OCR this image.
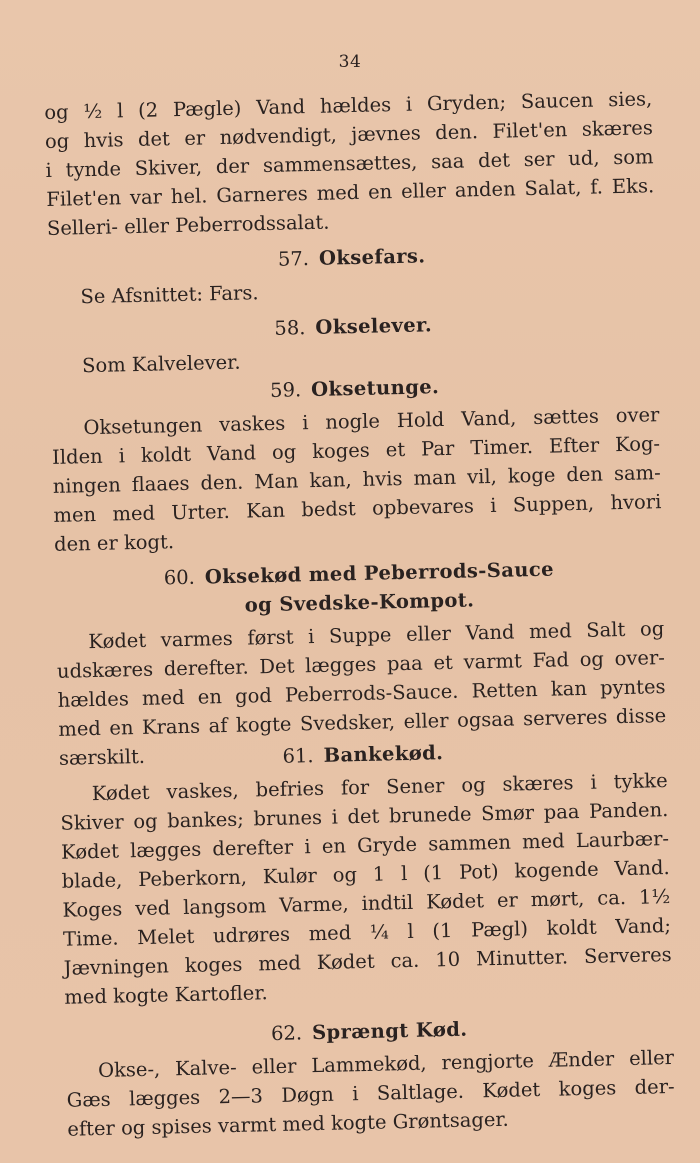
34
og ½ l (2 Pægle) Vand hældes i Gryden; Saucen sies,
og hvis det er nødvendigt, jævnes den. Filet'en skæres
i tynde Skiver, der sammensættes, saa det ser ud, som
Filet'en var hel. Garneres med en eller anden Salat, f. Eks.
Selleri- eller Peberrodssalat.
57. Oksefars.
Se Afsnittet: Fars.
58. Okselever.
Som Kalvelever.
59. Oksetunge.
Oksetungen vaskes i nogle Hold Vand, sættes over
Ilden i koldt Vand og koges et Par Timer. Efter Kog-
ningen flaaes den. Man kan, hvis man vil, koge den sam-
men med Urter. Kan bedst opbevares i Suppen, hvori
den er kogt.
60. Oksekød med Peberrods-Sauce
og Svedske-Kompot.
Kødet varmes først i Suppe eller Vand med Salt og
udskæres derefter. Det lægges paa et varmt Fad og over-
hældes med en god Peberrods-Sauce. Retten kan pyntes
med en Krans af kogte Svedsker, eller ogsaa serveres disse
særskilt.	61. Bankekød.
Kødet vaskes, befries for Sener og skæres i tykke
Skiver og bankes; brunes i det brunede Smør paa Panden.
Kødet lægges derefter i en Gryde sammen med Laurbær-
blade, Peberkorn, Kulør og 1 l (1 Pot) kogende Vand.
Koges ved langsom Varme, indtil Kødet er mørt, ca. 1½
Time. Melet udrøres med ¼ l (1 Pægl) koldt Vand;
Jævningen koges med Kødet ca. 10 Minutter. Serveres
med kogte Kartofler.
62. Sprængt Kød.
Okse-, Kalve- eller Lammekød, rengjorte Ænder eller
Gæs lægges 2—3 Døgn i Saltlage. Kødet koges der-
efter og spises varmt med kogte Grøntsager.
